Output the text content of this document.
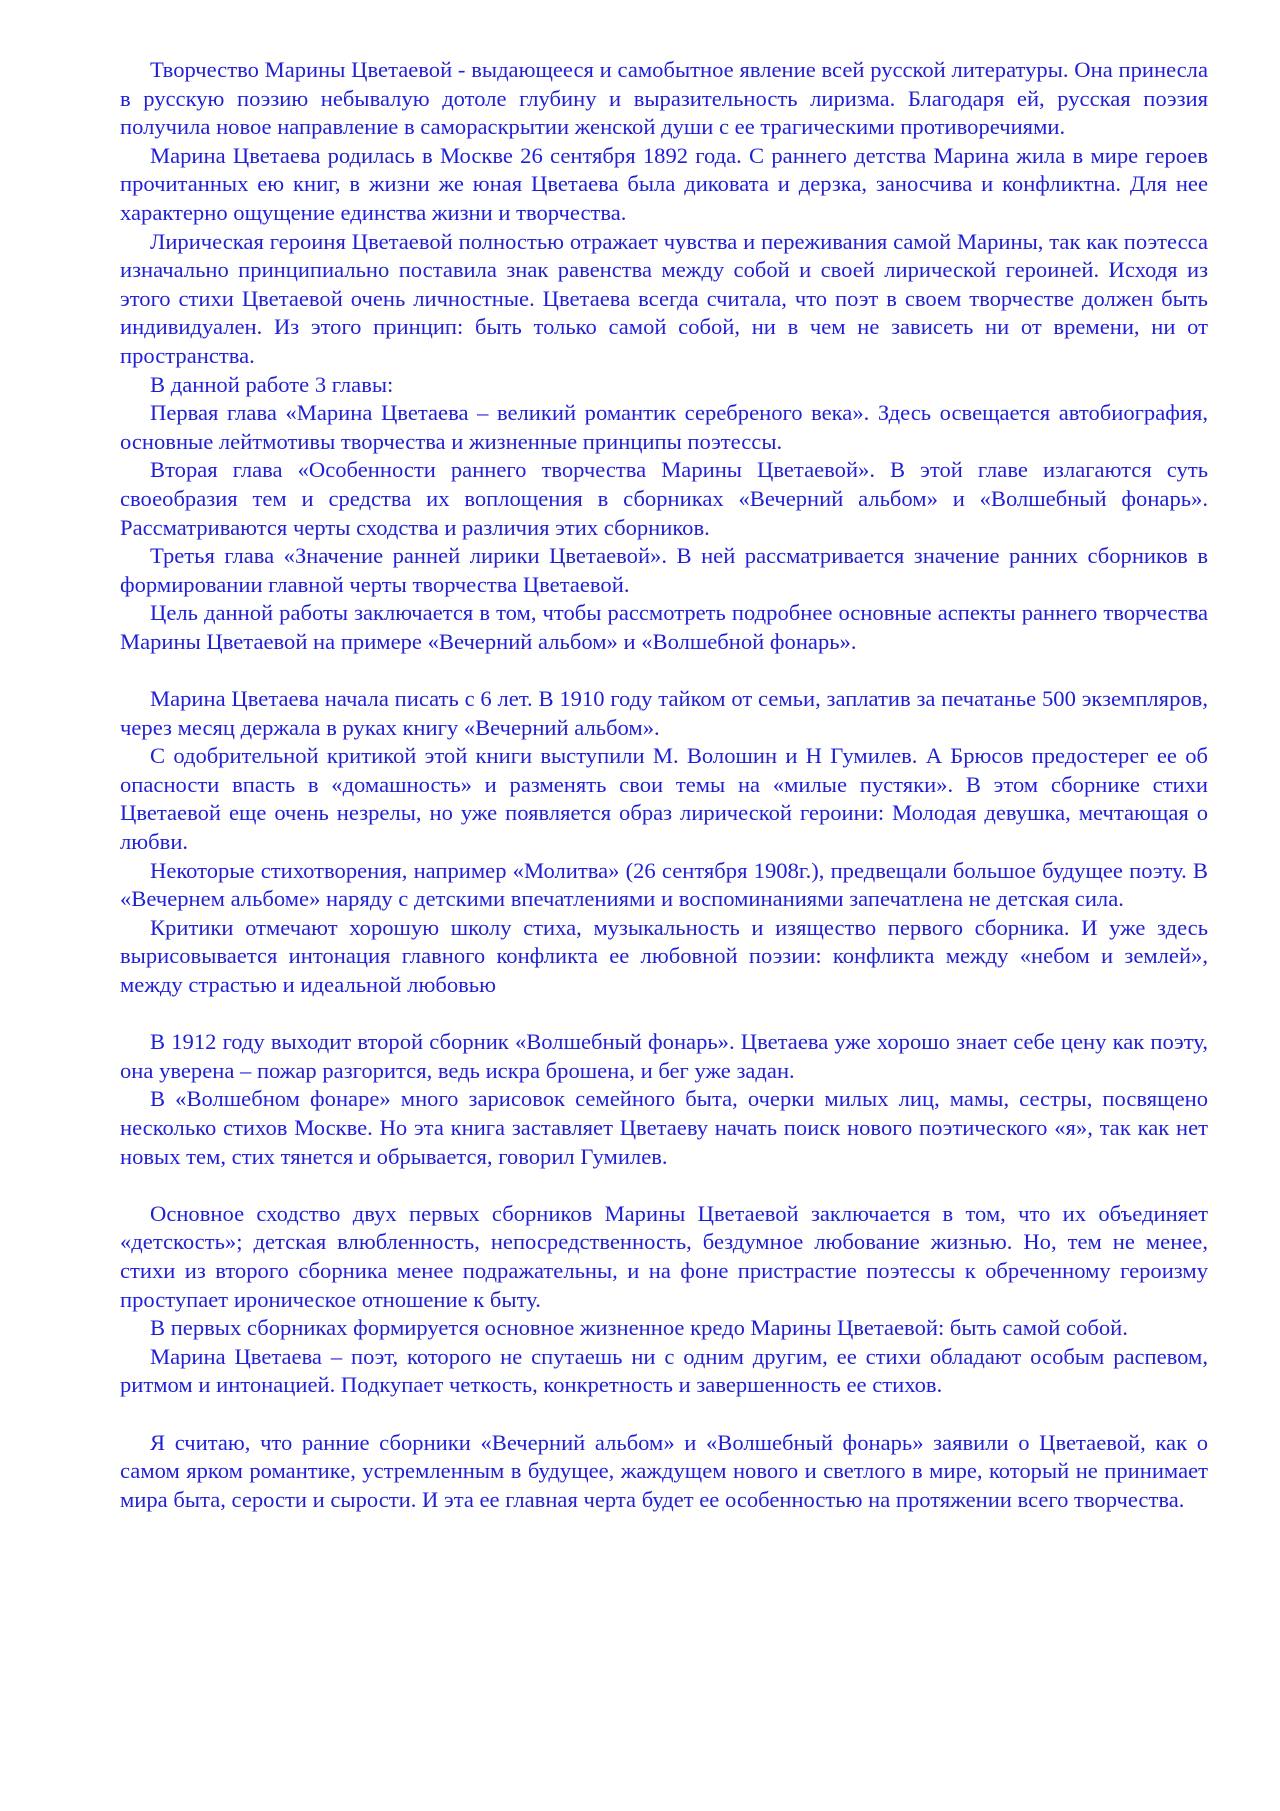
Творчество Марины Цветаевой - выдающееся и самобытное явление всей русской литературы. Она принесла в русскую поэзию небывалую дотоле глубину и выразительность лиризма. Благодаря ей, русская поэзия получила новое направление в самораскрытии женской души с ее трагическими противоречиями.

Марина Цветаева родилась в Москве 26 сентября 1892 года. С раннего детства Марина жила в мире героев прочитанных ею книг, в жизни же юная Цветаева была диковата и дерзка, заносчива и конфликтна. Для нее характерно ощущение единства жизни и творчества.

Лирическая героиня Цветаевой полностью отражает чувства и переживания самой Марины, так как поэтесса изначально принципиально поставила знак равенства между собой и своей лирической героиней. Исходя из этого стихи Цветаевой очень личностные. Цветаева всегда считала, что поэт в своем творчестве должен быть индивидуален. Из этого принцип: быть только самой собой, ни в чем не зависеть ни от времени, ни от пространства.

В данной работе 3 главы:

Первая глава «Марина Цветаева – великий романтик серебреного века». Здесь освещается автобиография, основные лейтмотивы творчества и жизненные принципы поэтессы.

Вторая глава «Особенности раннего творчества Марины Цветаевой». В этой главе излагаются суть своеобразия тем и средства их воплощения в сборниках «Вечерний альбом» и «Волшебный фонарь». Рассматриваются черты сходства и различия этих сборников.

Третья глава «Значение ранней лирики Цветаевой». В ней рассматривается значение ранних сборников в формировании главной черты творчества Цветаевой.

Цель данной работы заключается в том, чтобы рассмотреть подробнее основные аспекты раннего творчества Марины Цветаевой на примере «Вечерний альбом» и «Волшебной фонарь».

Марина Цветаева начала писать с 6 лет. В 1910 году тайком от семьи, заплатив за печатанье 500 экземпляров, через месяц держала в руках книгу «Вечерний альбом».

С одобрительной критикой этой книги выступили М. Волошин и Н Гумилев. А Брюсов предостерег ее об опасности впасть в «домашность» и разменять свои темы на «милые пустяки». В этом сборнике стихи Цветаевой еще очень незрелы, но уже появляется образ лирической героини: Молодая девушка, мечтающая о любви.

Некоторые стихотворения, например «Молитва» (26 сентября 1908г.), предвещали большое будущее поэту. В «Вечернем альбоме» наряду с детскими впечатлениями и воспоминаниями запечатлена не детская сила.

Критики отмечают хорошую школу стиха, музыкальность и изящество первого сборника. И уже здесь вырисовывается интонация главного конфликта ее любовной поэзии: конфликта между «небом и землей», между страстью и идеальной любовью

В 1912 году выходит второй сборник «Волшебный фонарь». Цветаева уже хорошо знает себе цену как поэту, она уверена – пожар разгорится, ведь искра брошена, и бег уже задан.

В «Волшебном фонаре» много зарисовок семейного быта, очерки милых лиц, мамы, сестры, посвящено несколько стихов Москве. Но эта книга заставляет Цветаеву начать поиск нового поэтического «я», так как нет новых тем, стих тянется и обрывается, говорил Гумилев.

Основное сходство двух первых сборников Марины Цветаевой заключается в том, что их объединяет «детскость»; детская влюбленность, непосредственность, бездумное любование жизнью. Но, тем не менее, стихи из второго сборника менее подражательны, и на фоне пристрастие поэтессы к обреченному героизму проступает ироническое отношение к быту.

В первых сборниках формируется основное жизненное кредо Марины Цветаевой: быть самой собой.

Марина Цветаева – поэт, которого не спутаешь ни с одним другим, ее стихи обладают особым распевом, ритмом и интонацией. Подкупает четкость, конкретность и завершенность ее стихов.

Я считаю, что ранние сборники «Вечерний альбом» и «Волшебный фонарь» заявили о Цветаевой, как о самом ярком романтике, устремленным в будущее, жаждущем нового и светлого в мире, который не принимает мира быта, серости и сырости. И эта ее главная черта будет ее особенностью на протяжении всего творчества.
